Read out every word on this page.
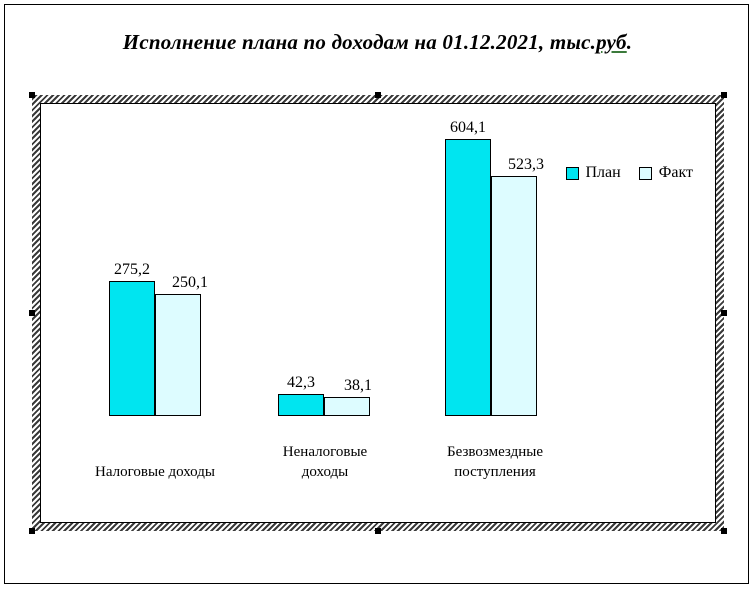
Исполнение плана по доходам на 01.12.2021, тыс.руб.
План Факт
275,2
250,1
Налоговые доходы
42,3	38,1
Неналоговые
доходы
604,1
523,3
Безвозмездные
поступления
